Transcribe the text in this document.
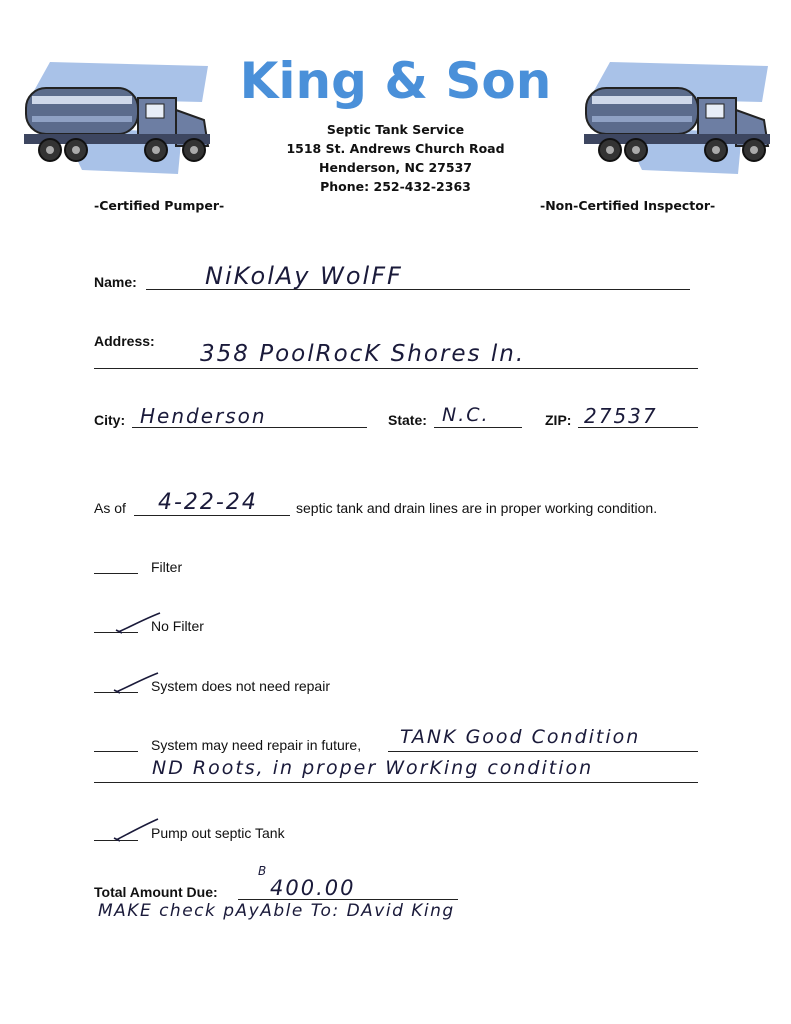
King & Son
Septic Tank Service
1518 St. Andrews Church Road
Henderson, NC 27537
Phone: 252-432-2363
-Certified Pumper-	-Non-Certified Inspector-
Name:	NiKolAy WolFF
Address: 358 PoolRocK Shores ln.
City: Henderson	State: N.C.	ZIP: 27537
As of 4-22-24	septic tank and drain lines are in proper working condition.
Filter
No Filter
System does not need repair
System may need repair in future, TANK Good Condition
ND Roots, in proper WorKing condition
Pump out septic Tank
Total Amount Due:
B
400.00
MAKE check pAyAble To: DAvid King
